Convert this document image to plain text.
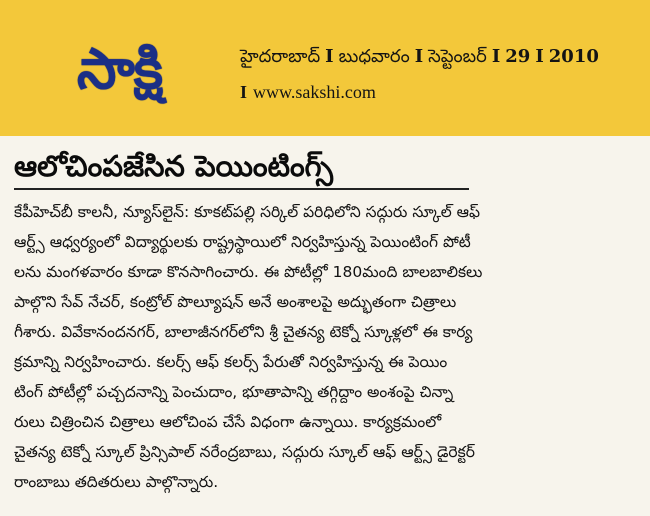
సాక్షి	హైదరాబాద్ I బుధవారం I సెప్టెంబర్ I 29 I 2010
I www.sakshi.com
ఆలోచింపజేసిన పెయింటింగ్స్
కేపీహెచ్‌బీ కాలనీ, న్యూస్‌లైన్: కూకట్‌పల్లి సర్కిల్ పరిధిలోని సద్గురు స్కూల్ ఆఫ్
ఆర్ట్స్ ఆధ్వర్యంలో విద్యార్థులకు రాష్ట్రస్థాయిలో నిర్వహిస్తున్న పెయింటింగ్ పోటీ
లను మంగళవారం కూడా కొనసాగించారు. ఈ పోటీల్లో 180మంది బాలబాలికలు
పాల్గొని సేవ్ నేచర్, కంట్రోల్ పొల్యూషన్ అనే అంశాలపై అద్భుతంగా చిత్రాలు
గీశారు. వివేకానందనగర్, బాలాజీనగర్‌లోని శ్రీ చైతన్య టెక్నో స్కూళ్లలో ఈ కార్య
క్రమాన్ని నిర్వహించారు. కలర్స్ ఆఫ్ కలర్స్ పేరుతో నిర్వహిస్తున్న ఈ పెయిం
టింగ్ పోటీల్లో పచ్చదనాన్ని పెంచుదాం, భూతాపాన్ని తగ్గిద్దాం అంశంపై చిన్నా
రులు చిత్రించిన చిత్రాలు ఆలోచింప చేసే విధంగా ఉన్నాయి. కార్యక్రమంలో
చైతన్య టెక్నో స్కూల్ ప్రిన్సిపాల్ నరేంద్రబాబు, సద్గురు స్కూల్ ఆఫ్ ఆర్ట్స్ డైరెక్టర్
రాంబాబు తదితరులు పాల్గొన్నారు.
